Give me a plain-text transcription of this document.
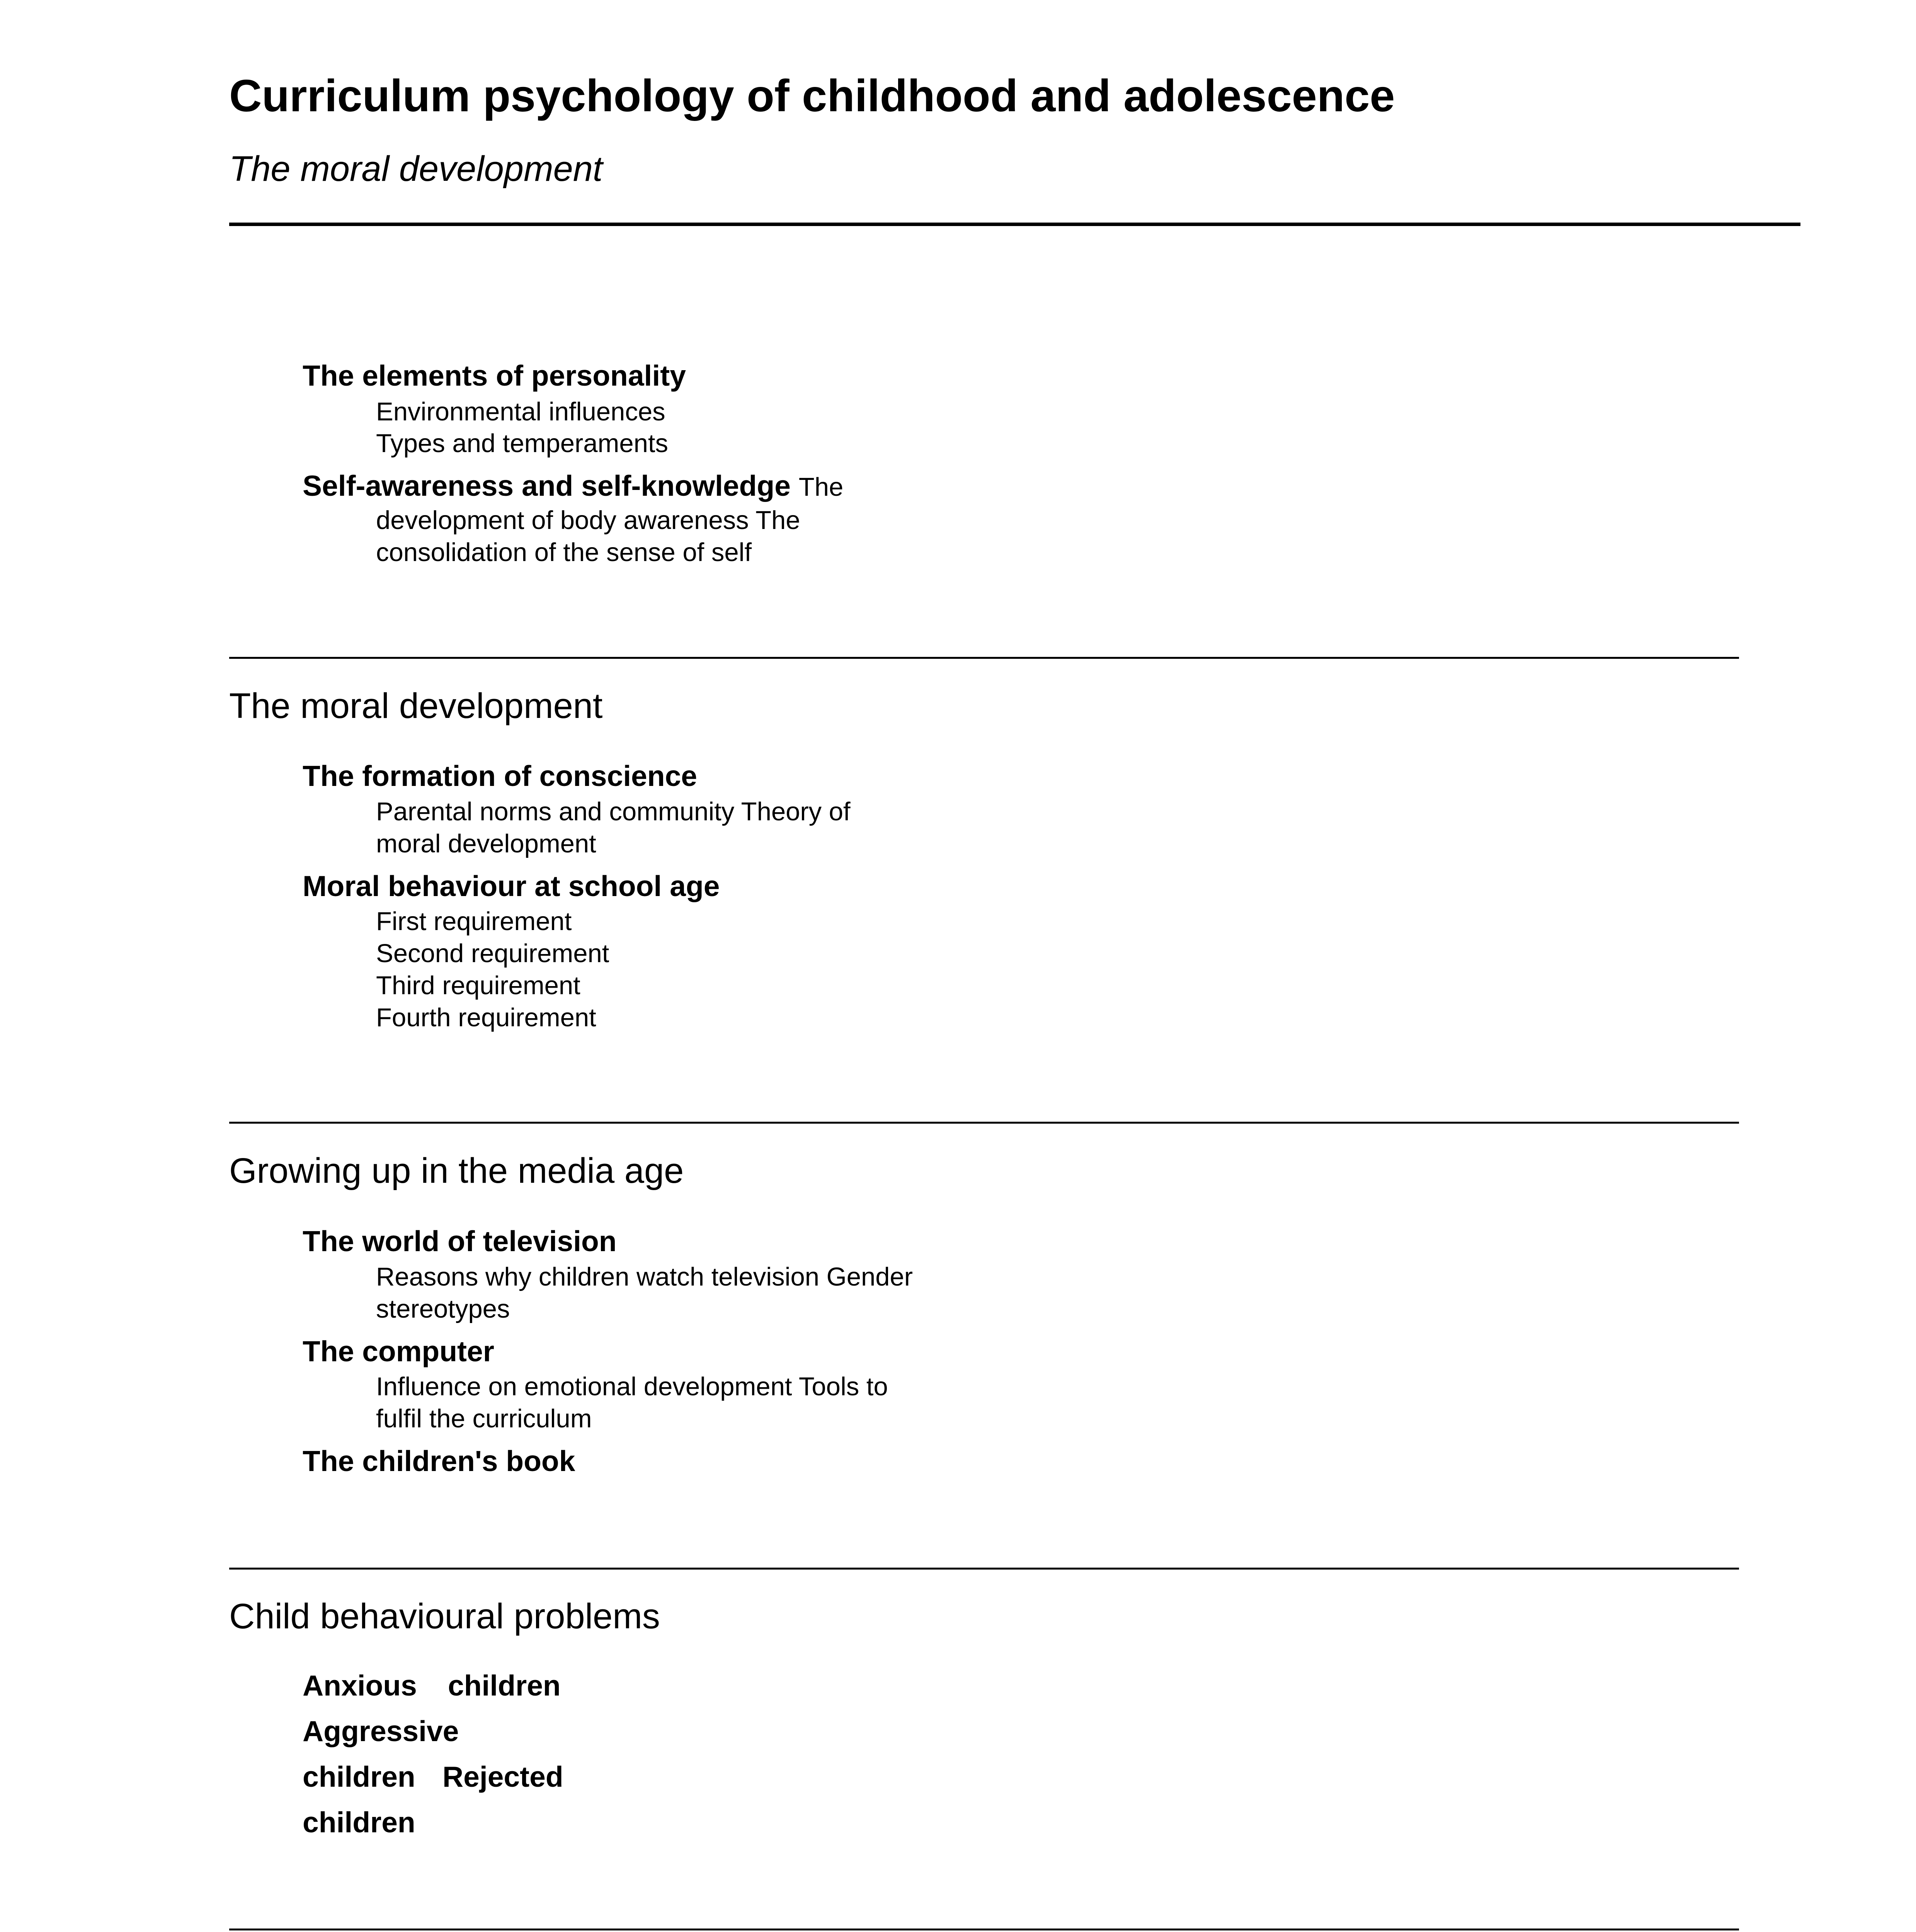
Curriculum psychology of childhood and adolescence
The moral development
The elements of personality
Environmental influences
Types and temperaments
Self-awareness and self-knowledge The
development of body awareness The
consolidation of the sense of self
The moral development
The formation of conscience
Parental norms and community Theory of
moral development
Moral behaviour at school age
First requirement
Second requirement
Third requirement
Fourth requirement
Growing up in the media age
The world of television
Reasons why children watch television Gender
stereotypes
The computer
Influence on emotional development Tools to
fulfil the curriculum
The children's book
Child behavioural problems
Anxious children
Aggressive
children Rejected
children
